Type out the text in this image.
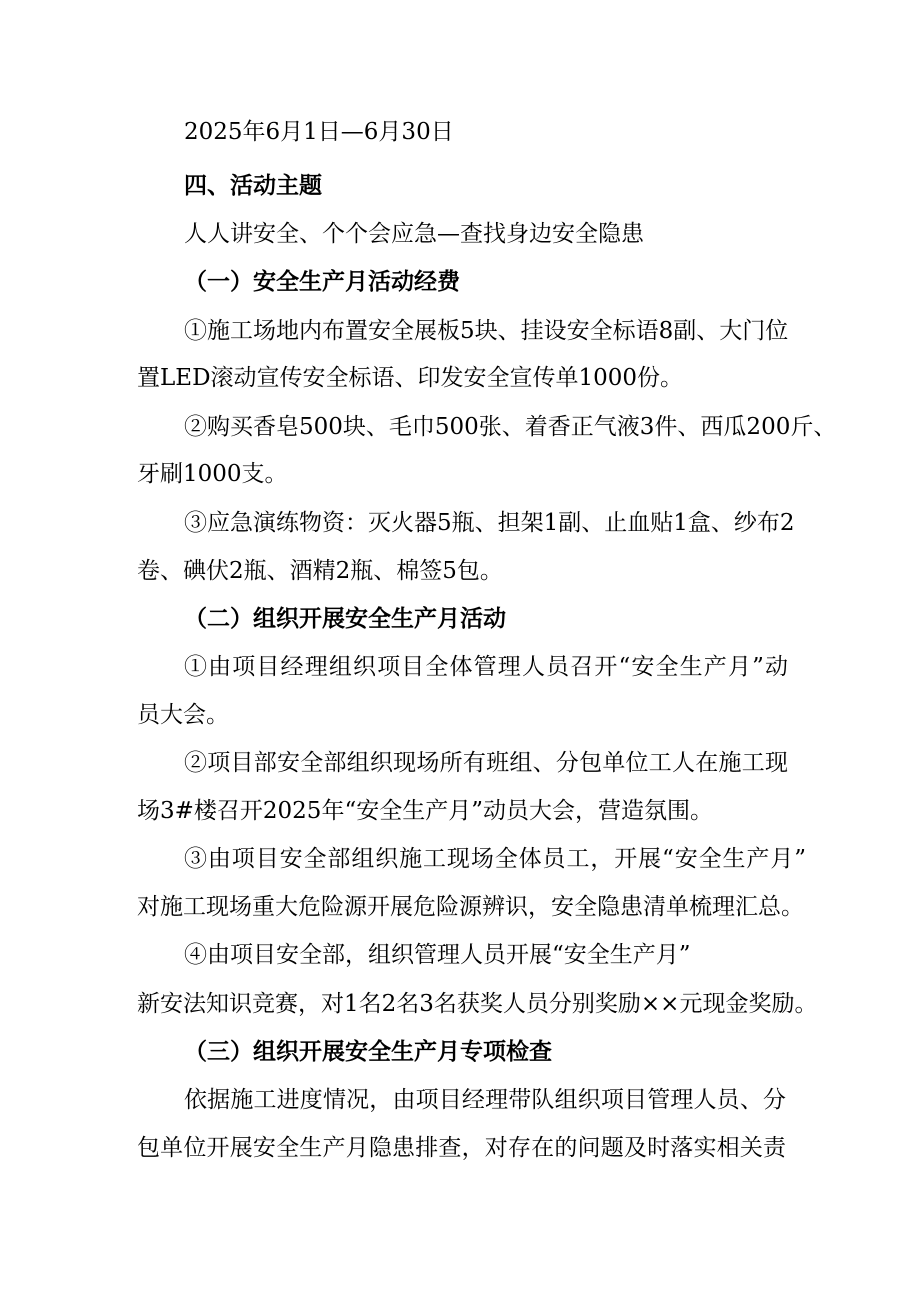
2025年6月1日—6月30日
四、活动主题
人人讲安全、个个会应急—查找身边安全隐患
（一）安全生产月活动经费
①施工场地内布置安全展板5块、挂设安全标语8副、大门位
置LED滚动宣传安全标语、印发安全宣传单1000份。
②购买香皂500块、毛巾500张、着香正气液3件、西瓜200斤、
牙刷1000支。
③应急演练物资：灭火器5瓶、担架1副、止血贴1盒、纱布2
卷、碘伏2瓶、酒精2瓶、棉签5包。
（二）组织开展安全生产月活动
①由项目经理组织项目全体管理人员召开“安全生产月”动
员大会。
②项目部安全部组织现场所有班组、分包单位工人在施工现
场3#楼召开2025年“安全生产月”动员大会，营造氛围。
③由项目安全部组织施工现场全体员工，开展“安全生产月”
对施工现场重大危险源开展危险源辨识，安全隐患清单梳理汇总。
④由项目安全部，组织管理人员开展“安全生产月”
新安法知识竞赛，对1名2名3名获奖人员分别奖励××元现金奖励。
（三）组织开展安全生产月专项检查
依据施工进度情况，由项目经理带队组织项目管理人员、分
包单位开展安全生产月隐患排查，对存在的问题及时落实相关责
